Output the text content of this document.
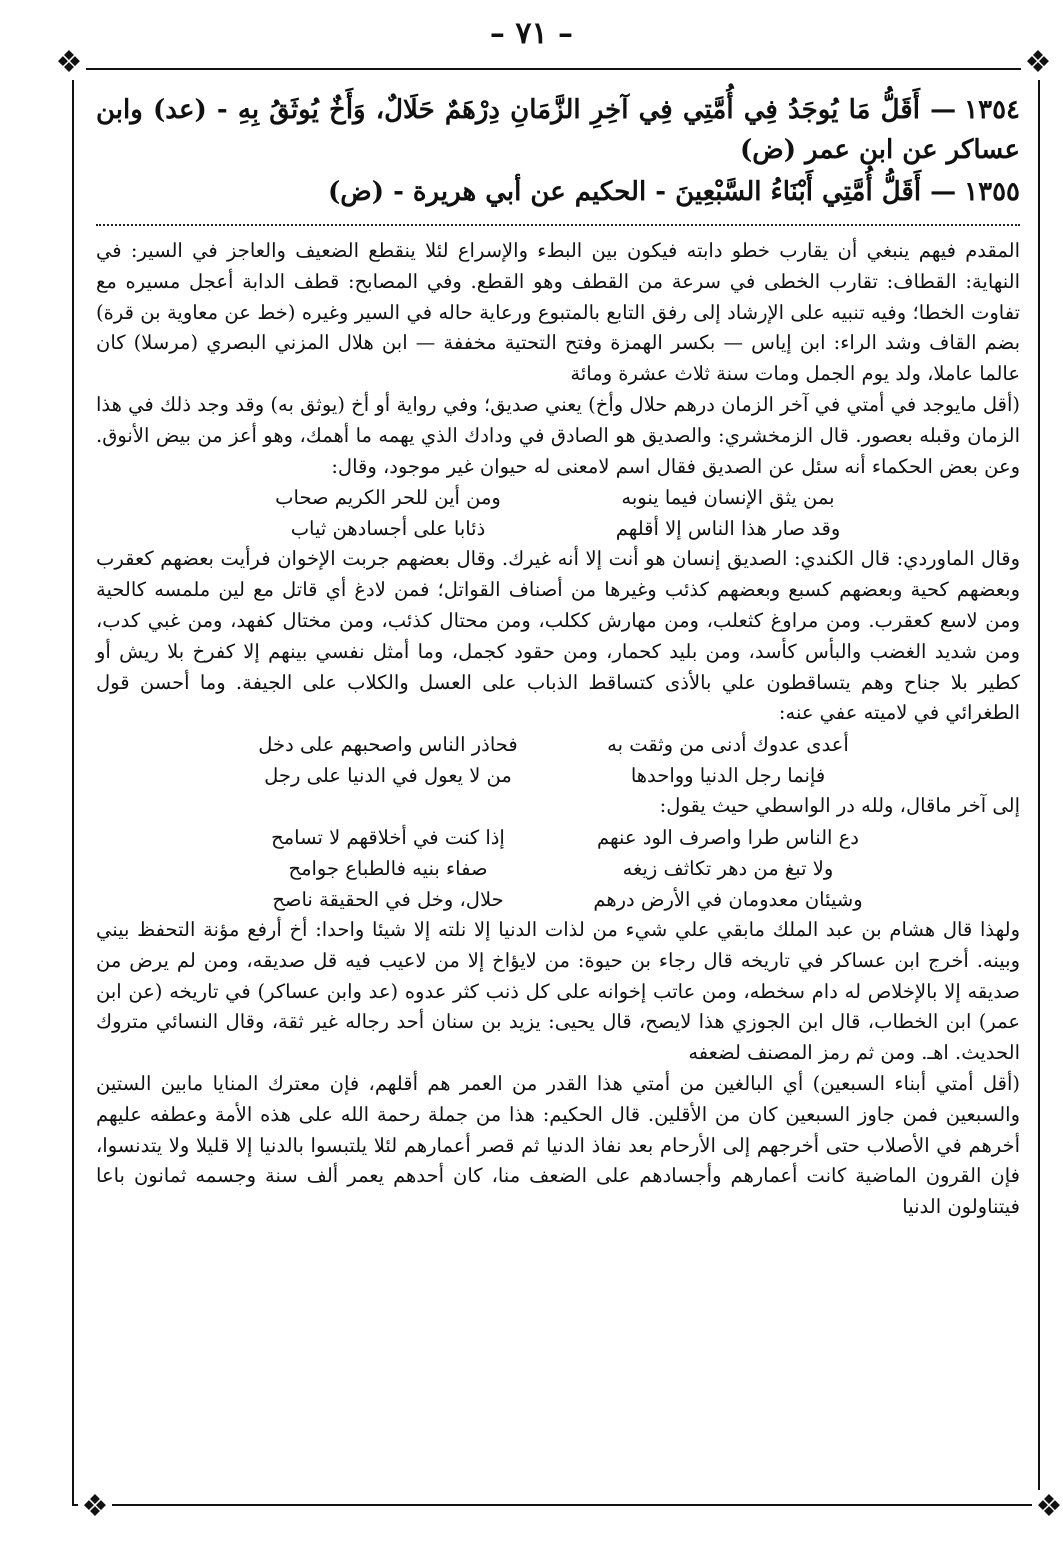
– ٧١ –
❖	❖
❖	❖
١٣٥٤— أَقَلُّ مَا يُوجَدُ فِي أُمَّتِي فِي آخِرِ الزَّمَانِ دِرْهَمٌ حَلَالٌ، وَأَخٌ يُوثَقُ بِهِ - (عد) وابن عساكر عن ابن عمر (ض)
١٣٥٥— أَقَلُّ أُمَّتِي أَبْنَاءُ السَّبْعِينَ - الحكيم عن أبي هريرة - (ض)

المقدم فيهم ينبغي أن يقارب خطو دابته فيكون بين البطء والإسراع لئلا ينقطع الضعيف والعاجز في السير: في النهاية: القطاف: تقارب الخطى في سرعة من القطف وهو القطع. وفي المصابح: قطف الدابة أعجل مسيره مع تفاوت الخطا؛ وفيه تنبيه على الإرشاد إلى رفق التابع بالمتبوع ورعاية حاله في السير وغيره (خط عن معاوية بن قرة) بضم القاف وشد الراء: ابن إياس — بكسر الهمزة وفتح التحتية مخففة — ابن هلال المزني البصري (مرسلا) كان عالما عاملا، ولد يوم الجمل ومات سنة ثلاث عشرة ومائة

(أقل مايوجد في أمتي في آخر الزمان درهم حلال وأخ) يعني صديق؛ وفي رواية أو أخ (يوثق به) وقد وجد ذلك في هذا الزمان وقبله بعصور. قال الزمخشري: والصديق هو الصادق في ودادك الذي يهمه ما أهمك، وهو أعز من بيض الأنوق. وعن بعض الحكماء أنه سئل عن الصديق فقال اسم لامعنى له حيوان غير موجود، وقال:

بمن يثق الإنسان فيما ينوبه
ومن أين للحر الكريم صحاب
وقد صار هذا الناس إلا أقلهم
ذئابا على أجسادهن ثياب

وقال الماوردي: قال الكندي: الصديق إنسان هو أنت إلا أنه غيرك. وقال بعضهم جربت الإخوان فرأيت بعضهم كعقرب وبعضهم كحية وبعضهم كسبع وبعضهم كذئب وغيرها من أصناف القواتل؛ فمن لادغ أي قاتل مع لين ملمسه كالحية ومن لاسع كعقرب. ومن مراوغ كثعلب، ومن مهارش ككلب، ومن محتال كذئب، ومن مختال كفهد، ومن غبي كدب، ومن شديد الغضب والبأس كأسد، ومن بليد كحمار، ومن حقود كجمل، وما أمثل نفسي بينهم إلا كفرخ بلا ريش أو كطير بلا جناح وهم يتساقطون علي بالأذى كتساقط الذباب على العسل والكلاب على الجيفة. وما أحسن قول الطغرائي في لاميته عفي عنه:

أعدى عدوك أدنى من وثقت به
فحاذر الناس واصحبهم على دخل
فإنما رجل الدنيا وواحدها
من لا يعول في الدنيا على رجل

إلى آخر ماقال، ولله در الواسطي حيث يقول:

دع الناس طرا واصرف الود عنهم
إذا كنت في أخلاقهم لا تسامح
ولا تبغ من دهر تكاثف زيغه
صفاء بنيه فالطباع جوامح
وشيئان معدومان في الأرض درهم
حلال، وخل في الحقيقة ناصح

ولهذا قال هشام بن عبد الملك مابقي علي شيء من لذات الدنيا إلا نلته إلا شيئا واحدا: أخ أرفع مؤنة التحفظ بيني وبينه. أخرج ابن عساكر في تاريخه قال رجاء بن حيوة: من لايؤاخ إلا من لاعيب فيه قل صديقه، ومن لم يرض من صديقه إلا بالإخلاص له دام سخطه، ومن عاتب إخوانه على كل ذنب كثر عدوه (عد وابن عساكر) في تاريخه (عن ابن عمر) ابن الخطاب، قال ابن الجوزي هذا لايصح، قال يحيى: يزيد بن سنان أحد رجاله غير ثقة، وقال النسائي متروك الحديث. اهـ. ومن ثم رمز المصنف لضعفه

(أقل أمتي أبناء السبعين) أي البالغين من أمتي هذا القدر من العمر هم أقلهم، فإن معترك المنايا مابين الستين والسبعين فمن جاوز السبعين كان من الأقلين. قال الحكيم: هذا من جملة رحمة الله على هذه الأمة وعطفه عليهم أخرهم في الأصلاب حتى أخرجهم إلى الأرحام بعد نفاذ الدنيا ثم قصر أعمارهم لئلا يلتبسوا بالدنيا إلا قليلا ولا يتدنسوا، فإن القرون الماضية كانت أعمارهم وأجسادهم على الضعف منا، كان أحدهم يعمر ألف سنة وجسمه ثمانون باعا فيتناولون الدنيا
